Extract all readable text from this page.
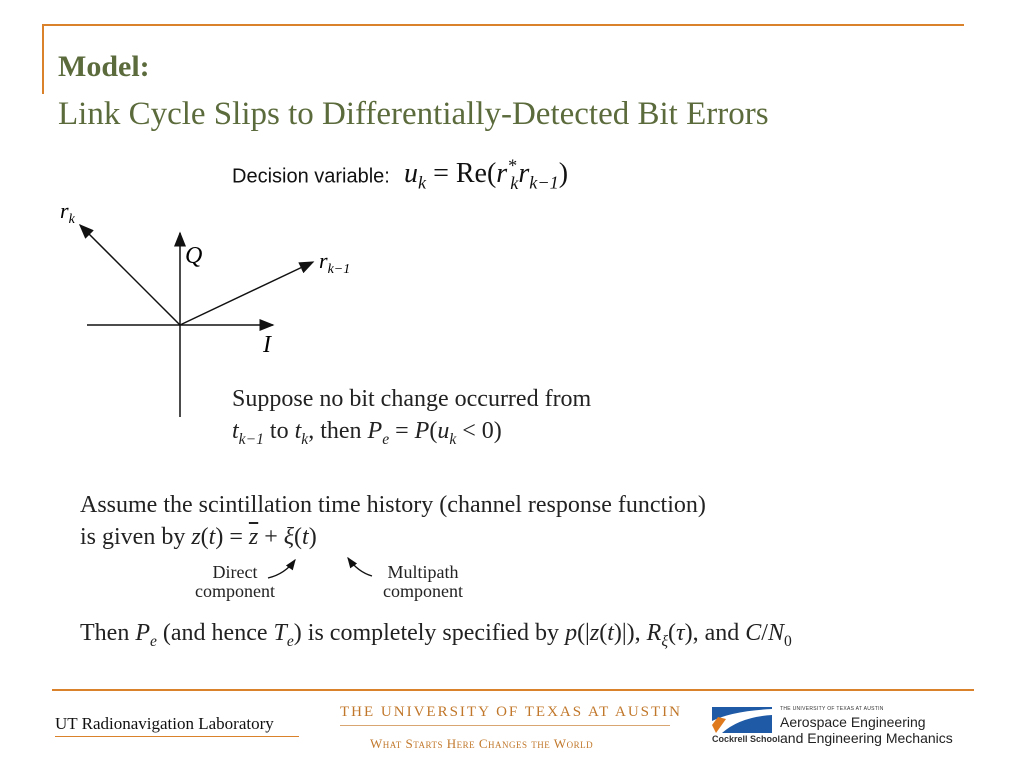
Model:
Link Cycle Slips to Differentially-Detected Bit Errors
Decision variable: $u_k = Re(r^*_kr_{k-1})$
Q
I
$r_k$
$r_{k-1}$
Suppose no bit change occurred from
$t_{k-1}$ to $t_k$, then $P_e = P(u_k < 0)$
Assume the scintillation time history (channel response function)
is given by $z(t) = \overline{z} + \xi(t)$
Direct
component
Multipath
component
Then $P_e$ (and hence $T_e$) is completely specified by p(|z(t)|), $R_\xi(\tau)$, and $C/N_0$
UT Radionavigation Laboratory
THE UNIVERSITY OF TEXAS AT AUSTIN
What Starts Here Changes the World	Cockrell School
THE UNIVERSITY OF TEXAS AT AUSTIN
Aerospace Engineering
and Engineering Mechanics
